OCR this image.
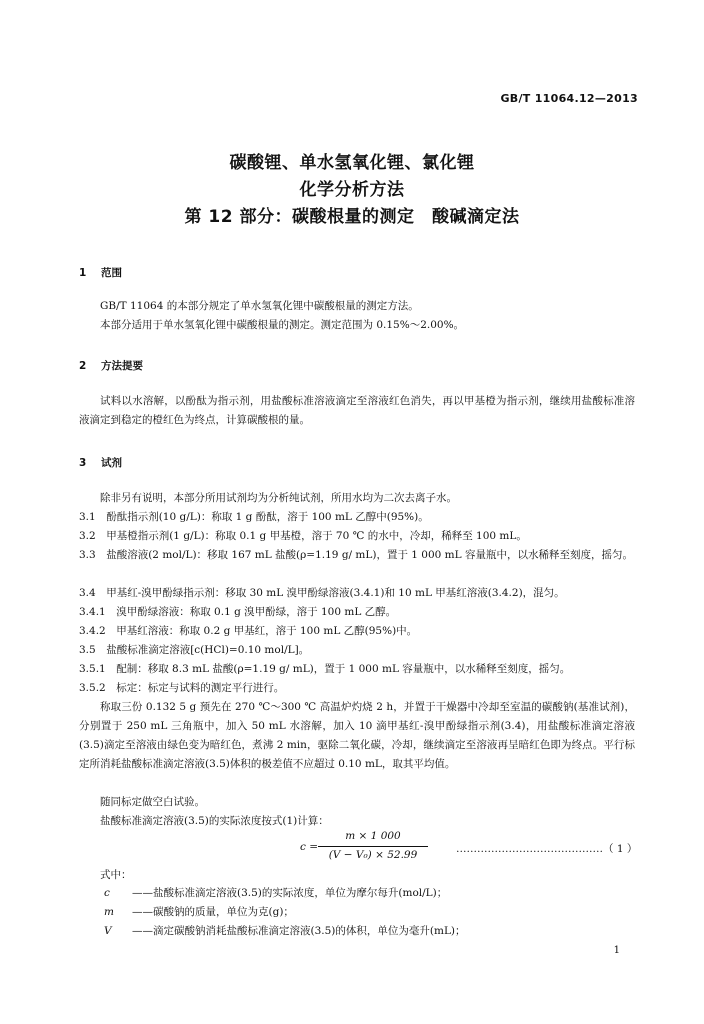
GB/T 11064.12—2013
碳酸锂、单水氢氧化锂、氯化锂
化学分析方法
第 12 部分：碳酸根量的测定　酸碱滴定法
1 范围
GB/T 11064 的本部分规定了单水氢氧化锂中碳酸根量的测定方法。
本部分适用于单水氢氧化锂中碳酸根量的测定。测定范围为 0.15%～2.00%。
2 方法提要
试料以水溶解，以酚酞为指示剂，用盐酸标准溶液滴定至溶液红色消失，再以甲基橙为指示剂，继续用盐酸标准溶液滴定到稳定的橙红色为终点，计算碳酸根的量。
3 试剂
除非另有说明，本部分所用试剂均为分析纯试剂，所用水均为二次去离子水。
3.1　酚酞指示剂(10 g/L)：称取 1 g 酚酞，溶于 100 mL 乙醇中(95%)。
3.2　甲基橙指示剂(1 g/L)：称取 0.1 g 甲基橙，溶于 70 ℃ 的水中，冷却，稀释至 100 mL。
3.3　盐酸溶液(2 mol/L)：移取 167 mL 盐酸(ρ=1.19 g/ mL)，置于 1 000 mL 容量瓶中，以水稀释至刻度，摇匀。
3.4　甲基红-溴甲酚绿指示剂：移取 30 mL 溴甲酚绿溶液(3.4.1)和 10 mL 甲基红溶液(3.4.2)，混匀。
3.4.1　溴甲酚绿溶液：称取 0.1 g 溴甲酚绿，溶于 100 mL 乙醇。
3.4.2　甲基红溶液：称取 0.2 g 甲基红，溶于 100 mL 乙醇(95%)中。
3.5　盐酸标准滴定溶液[c(HCl)=0.10 mol/L]。
3.5.1　配制：移取 8.3 mL 盐酸(ρ=1.19 g/ mL)，置于 1 000 mL 容量瓶中，以水稀释至刻度，摇匀。
3.5.2　标定：标定与试料的测定平行进行。
称取三份 0.132 5 g 预先在 270 ℃～300 ℃ 高温炉灼烧 2 h，并置于干燥器中冷却至室温的碳酸钠(基准试剂)，分别置于 250 mL 三角瓶中，加入 50 mL 水溶解，加入 10 滴甲基红-溴甲酚绿指示剂(3.4)，用盐酸标准滴定溶液(3.5)滴定至溶液由绿色变为暗红色，煮沸 2 min，驱除二氧化碳，冷却，继续滴定至溶液再呈暗红色即为终点。平行标定所消耗盐酸标准滴定溶液(3.5)体积的极差值不应超过 0.10 mL，取其平均值。
随同标定做空白试验。
盐酸标准滴定溶液(3.5)的实际浓度按式(1)计算：
c =
m × 1 000
(V − V₀) × 52.99	……………………………………（ 1 ）
式中：
c ——盐酸标准滴定溶液(3.5)的实际浓度，单位为摩尔每升(mol/L)；
m ——碳酸钠的质量，单位为克(g)；
V ——滴定碳酸钠消耗盐酸标准滴定溶液(3.5)的体积，单位为毫升(mL)；
1
